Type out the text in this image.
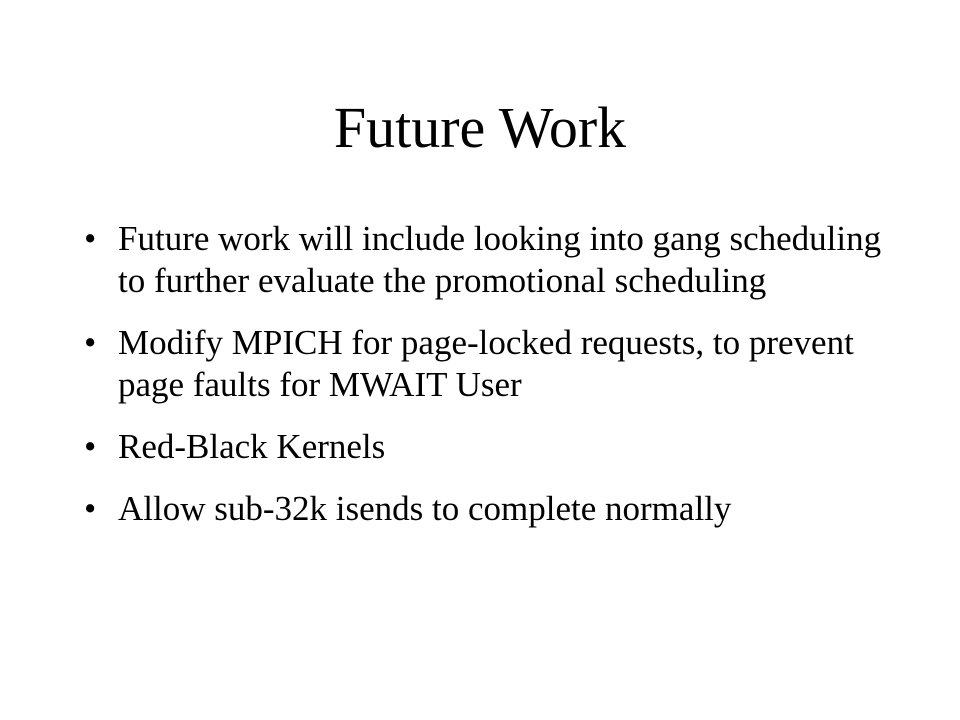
Future Work
• Future work will include looking into gang scheduling to further evaluate the promotional scheduling
• Modify MPICH for page-locked requests, to prevent page faults for MWAIT User
• Red-Black Kernels
• Allow sub-32k isends to complete normally
